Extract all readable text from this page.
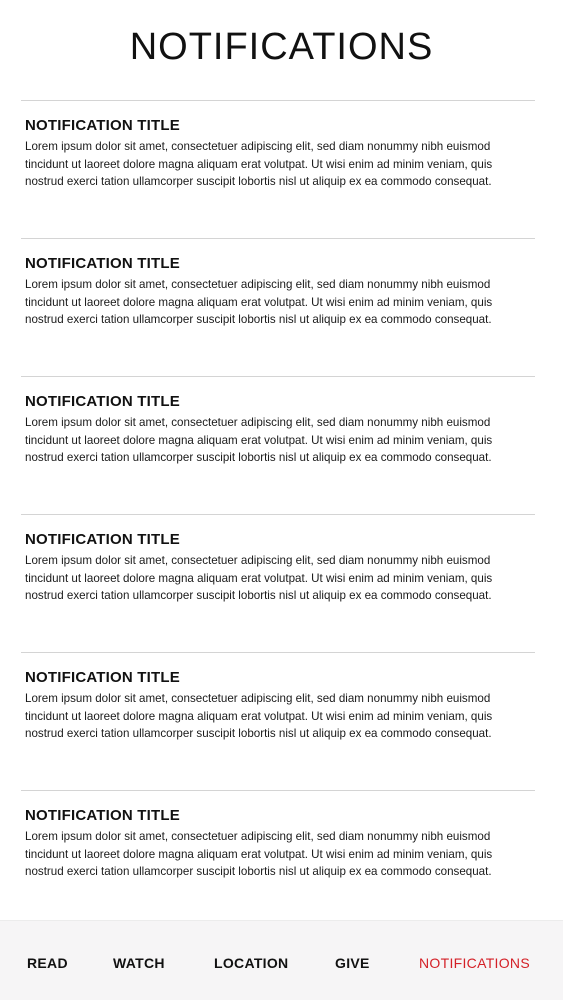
NOTIFICATIONS
NOTIFICATION TITLE
Lorem ipsum dolor sit amet, consectetuer adipiscing elit, sed diam nonummy nibh euismod tincidunt ut laoreet dolore magna aliquam erat volutpat. Ut wisi enim ad minim veniam, quis nostrud exerci tation ullamcorper suscipit lobortis nisl ut aliquip ex ea commodo consequat.
NOTIFICATION TITLE
Lorem ipsum dolor sit amet, consectetuer adipiscing elit, sed diam nonummy nibh euismod tincidunt ut laoreet dolore magna aliquam erat volutpat. Ut wisi enim ad minim veniam, quis nostrud exerci tation ullamcorper suscipit lobortis nisl ut aliquip ex ea commodo consequat.
NOTIFICATION TITLE
Lorem ipsum dolor sit amet, consectetuer adipiscing elit, sed diam nonummy nibh euismod tincidunt ut laoreet dolore magna aliquam erat volutpat. Ut wisi enim ad minim veniam, quis nostrud exerci tation ullamcorper suscipit lobortis nisl ut aliquip ex ea commodo consequat.
NOTIFICATION TITLE
Lorem ipsum dolor sit amet, consectetuer adipiscing elit, sed diam nonummy nibh euismod tincidunt ut laoreet dolore magna aliquam erat volutpat. Ut wisi enim ad minim veniam, quis nostrud exerci tation ullamcorper suscipit lobortis nisl ut aliquip ex ea commodo consequat.
NOTIFICATION TITLE
Lorem ipsum dolor sit amet, consectetuer adipiscing elit, sed diam nonummy nibh euismod tincidunt ut laoreet dolore magna aliquam erat volutpat. Ut wisi enim ad minim veniam, quis nostrud exerci tation ullamcorper suscipit lobortis nisl ut aliquip ex ea commodo consequat.
NOTIFICATION TITLE
Lorem ipsum dolor sit amet, consectetuer adipiscing elit, sed diam nonummy nibh euismod tincidunt ut laoreet dolore magna aliquam erat volutpat. Ut wisi enim ad minim veniam, quis nostrud exerci tation ullamcorper suscipit lobortis nisl ut aliquip ex ea commodo consequat.
READ	WATCH	LOCATION	GIVE	NOTIFICATIONS
